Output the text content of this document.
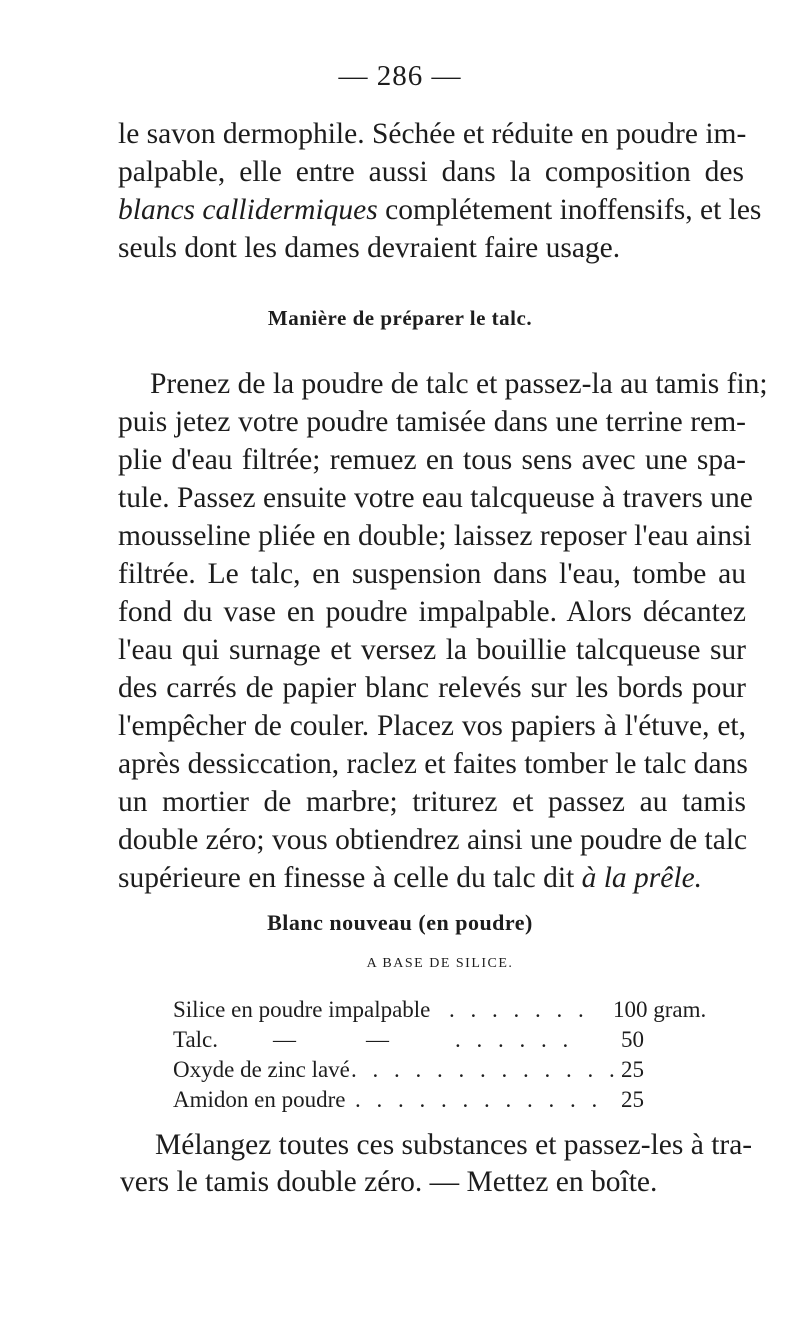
— 286 —
le savon dermophile. Séchée et réduite en poudre im-
palpable, elle entre aussi dans la composition des
blancs callidermiques complétement inoffensifs, et les
seuls dont les dames devraient faire usage.
Manière de préparer le talc.
Prenez de la poudre de talc et passez-la au tamis fin;
puis jetez votre poudre tamisée dans une terrine rem-
plie d'eau filtrée; remuez en tous sens avec une spa-
tule. Passez ensuite votre eau talcqueuse à travers une
mousseline pliée en double; laissez reposer l'eau ainsi
filtrée. Le talc, en suspension dans l'eau, tombe au
fond du vase en poudre impalpable. Alors décantez
l'eau qui surnage et versez la bouillie talcqueuse sur
des carrés de papier blanc relevés sur les bords pour
l'empêcher de couler. Placez vos papiers à l'étuve, et,
après dessiccation, raclez et faites tomber le talc dans
un mortier de marbre; triturez et passez au tamis
double zéro; vous obtiendrez ainsi une poudre de talc
supérieure en finesse à celle du talc dit à la prêle.
Blanc nouveau (en poudre)
A BASE DE SILICE.
Silice en poudre impalpable . . . . . . . 100 gram.
Talc. —	—	. . . . . . 50
Oxyde de zinc lavé . . . . . . . . . . . . . 25
Amidon en poudre . . . . . . . . . . . . 25
Mélangez toutes ces substances et passez-les à tra-
vers le tamis double zéro. — Mettez en boîte.
